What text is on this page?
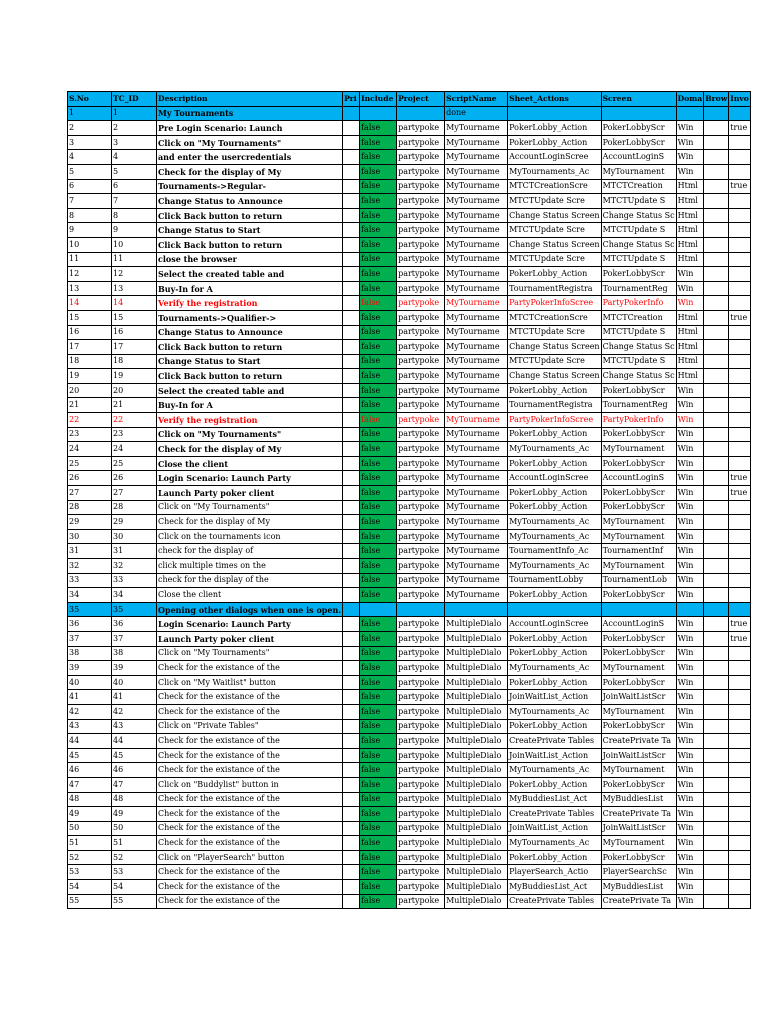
S.No	TC_ID	Description	Pri	Include	Project	ScriptName	Sheet_Actions	Screen	Doma	Brow	Invo
1	1	My Tournaments				done					
2	2	Pre Login Scenario: Launch		false	partypoke	MyTourname	PokerLobby_Action	PokerLobbyScr	Win		true
3	3	Click on "My Tournaments"		false	partypoke	MyTourname	PokerLobby_Action	PokerLobbyScr	Win		
4	4	and enter the usercredentials		false	partypoke	MyTourname	AccountLoginScree	AccountLoginS	Win		
5	5	Check for the display of My		false	partypoke	MyTourname	MyTournaments_Ac	MyTournament	Win		
6	6	Tournaments->Regular-		false	partypoke	MyTourname	MTCTCreationScre	MTCTCreation	Html		true
7	7	Change Status to Announce		false	partypoke	MyTourname	MTCTUpdate Scre	MTCTUpdate S	Html		
8	8	Click Back button to return		false	partypoke	MyTourname	Change Status Screen	Change Status Sc	Html		
9	9	Change Status to Start		false	partypoke	MyTourname	MTCTUpdate Scre	MTCTUpdate S	Html		
10	10	Click Back button to return		false	partypoke	MyTourname	Change Status Screen	Change Status Sc	Html		
11	11	close the browser		false	partypoke	MyTourname	MTCTUpdate Scre	MTCTUpdate S	Html		
12	12	Select the created table and		false	partypoke	MyTourname	PokerLobby_Action	PokerLobbyScr	Win		
13	13	Buy-In for A		false	partypoke	MyTourname	TournamentRegistra	TournamentReg	Win		
14	14	Verify the registration		false	partypoke	MyTourname	PartyPokerInfoScree	PartyPokerInfo	Win		
15	15	Tournaments->Qualifier->		false	partypoke	MyTourname	MTCTCreationScre	MTCTCreation	Html		true
16	16	Change Status to Announce		false	partypoke	MyTourname	MTCTUpdate Scre	MTCTUpdate S	Html		
17	17	Click Back button to return		false	partypoke	MyTourname	Change Status Screen	Change Status Sc	Html		
18	18	Change Status to Start		false	partypoke	MyTourname	MTCTUpdate Scre	MTCTUpdate S	Html		
19	19	Click Back button to return		false	partypoke	MyTourname	Change Status Screen	Change Status Sc	Html		
20	20	Select the created table and		false	partypoke	MyTourname	PokerLobby_Action	PokerLobbyScr	Win		
21	21	Buy-In for A		false	partypoke	MyTourname	TournamentRegistra	TournamentReg	Win		
22	22	Verify the registration		false	partypoke	MyTourname	PartyPokerInfoScree	PartyPokerInfo	Win		
23	23	Click on "My Tournaments"		false	partypoke	MyTourname	PokerLobby_Action	PokerLobbyScr	Win		
24	24	Check for the display of My		false	partypoke	MyTourname	MyTournaments_Ac	MyTournament	Win		
25	25	Close the client		false	partypoke	MyTourname	PokerLobby_Action	PokerLobbyScr	Win		
26	26	Login Scenario: Launch Party		false	partypoke	MyTourname	AccountLoginScree	AccountLoginS	Win		true
27	27	Launch Party poker client		false	partypoke	MyTourname	PokerLobby_Action	PokerLobbyScr	Win		true
28	28	Click on "My Tournaments"		false	partypoke	MyTourname	PokerLobby_Action	PokerLobbyScr	Win		
29	29	Check for the display of My		false	partypoke	MyTourname	MyTournaments_Ac	MyTournament	Win		
30	30	Click on the tournaments icon		false	partypoke	MyTourname	MyTournaments_Ac	MyTournament	Win		
31	31	check for the display of		false	partypoke	MyTourname	TournamentInfo_Ac	TournamentInf	Win		
32	32	click multiple times on the		false	partypoke	MyTourname	MyTournaments_Ac	MyTournament	Win		
33	33	check for the display of the		false	partypoke	MyTourname	TournamentLobby	TournamentLob	Win		
34	34	Close the client		false	partypoke	MyTourname	PokerLobby_Action	PokerLobbyScr	Win		
35	35	Opening other dialogs when one is open.									
36	36	Login Scenario: Launch Party		false	partypoke	MultipleDialo	AccountLoginScree	AccountLoginS	Win		true
37	37	Launch Party poker client		false	partypoke	MultipleDialo	PokerLobby_Action	PokerLobbyScr	Win		true
38	38	Click on "My Tournaments"		false	partypoke	MultipleDialo	PokerLobby_Action	PokerLobbyScr	Win		
39	39	Check for the existance of the		false	partypoke	MultipleDialo	MyTournaments_Ac	MyTournament	Win		
40	40	Click on "My Waitlist" button		false	partypoke	MultipleDialo	PokerLobby_Action	PokerLobbyScr	Win		
41	41	Check for the existance of the		false	partypoke	MultipleDialo	JoinWaitList_Action	JoinWaitListScr	Win		
42	42	Check for the existance of the		false	partypoke	MultipleDialo	MyTournaments_Ac	MyTournament	Win		
43	43	Click on "Private Tables"		false	partypoke	MultipleDialo	PokerLobby_Action	PokerLobbyScr	Win		
44	44	Check for the existance of the		false	partypoke	MultipleDialo	CreatePrivate Tables	CreatePrivate Ta	Win		
45	45	Check for the existance of the		false	partypoke	MultipleDialo	JoinWaitList_Action	JoinWaitListScr	Win		
46	46	Check for the existance of the		false	partypoke	MultipleDialo	MyTournaments_Ac	MyTournament	Win		
47	47	Click on "Buddylist" button in		false	partypoke	MultipleDialo	PokerLobby_Action	PokerLobbyScr	Win		
48	48	Check for the existance of the		false	partypoke	MultipleDialo	MyBuddiesList_Act	MyBuddiesList	Win		
49	49	Check for the existance of the		false	partypoke	MultipleDialo	CreatePrivate Tables	CreatePrivate Ta	Win		
50	50	Check for the existance of the		false	partypoke	MultipleDialo	JoinWaitList_Action	JoinWaitListScr	Win		
51	51	Check for the existance of the		false	partypoke	MultipleDialo	MyTournaments_Ac	MyTournament	Win		
52	52	Click on "PlayerSearch" button		false	partypoke	MultipleDialo	PokerLobby_Action	PokerLobbyScr	Win		
53	53	Check for the existance of the		false	partypoke	MultipleDialo	PlayerSearch_Actio	PlayerSearchSc	Win		
54	54	Check for the existance of the		false	partypoke	MultipleDialo	MyBuddiesList_Act	MyBuddiesList	Win		
55	55	Check for the existance of the		false	partypoke	MultipleDialo	CreatePrivate Tables	CreatePrivate Ta	Win		
